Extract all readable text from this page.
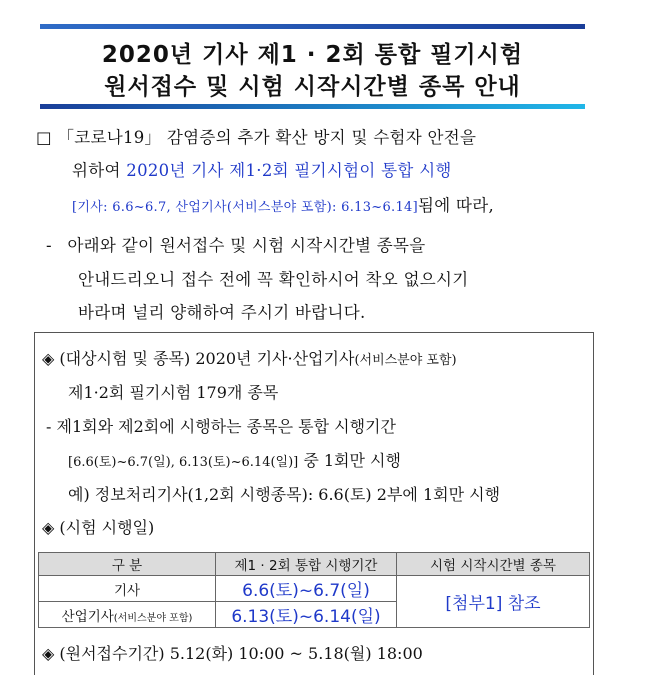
2020년 기사 제1 · 2회 통합 필기시험
원서접수 및 시험 시작시간별 종목 안내
□ 「코로나19」 감염증의 추가 확산 방지 및 수험자 안전을
위하여 2020년 기사 제1·2회 필기시험이 통합 시행
[기사: 6.6~6.7, 산업기사(서비스분야 포함): 6.13~6.14]됨에 따라,
- 아래와 같이 원서접수 및 시험 시작시간별 종목을
안내드리오니 접수 전에 꼭 확인하시어 착오 없으시기
바라며 널리 양해하여 주시기 바랍니다.
◈ (대상시험 및 종목) 2020년 기사·산업기사(서비스분야 포함)
제1·2회 필기시험 179개 종목
- 제1회와 제2회에 시행하는 종목은 통합 시행기간
[6.6(토)~6.7(일), 6.13(토)~6.14(일)] 중 1회만 시행
예) 정보처리기사(1,2회 시행종목): 6.6(토) 2부에 1회만 시행
◈ (시험 시행일)
구 분	제1 · 2회 통합 시행기간	시험 시작시간별 종목
기사	6.6(토)~6.7(일)	[첨부1] 참조
산업기사(서비스분야 포함)	6.13(토)~6.14(일)	
◈ (원서접수기간) 5.12(화) 10:00 ~ 5.18(월) 18:00
